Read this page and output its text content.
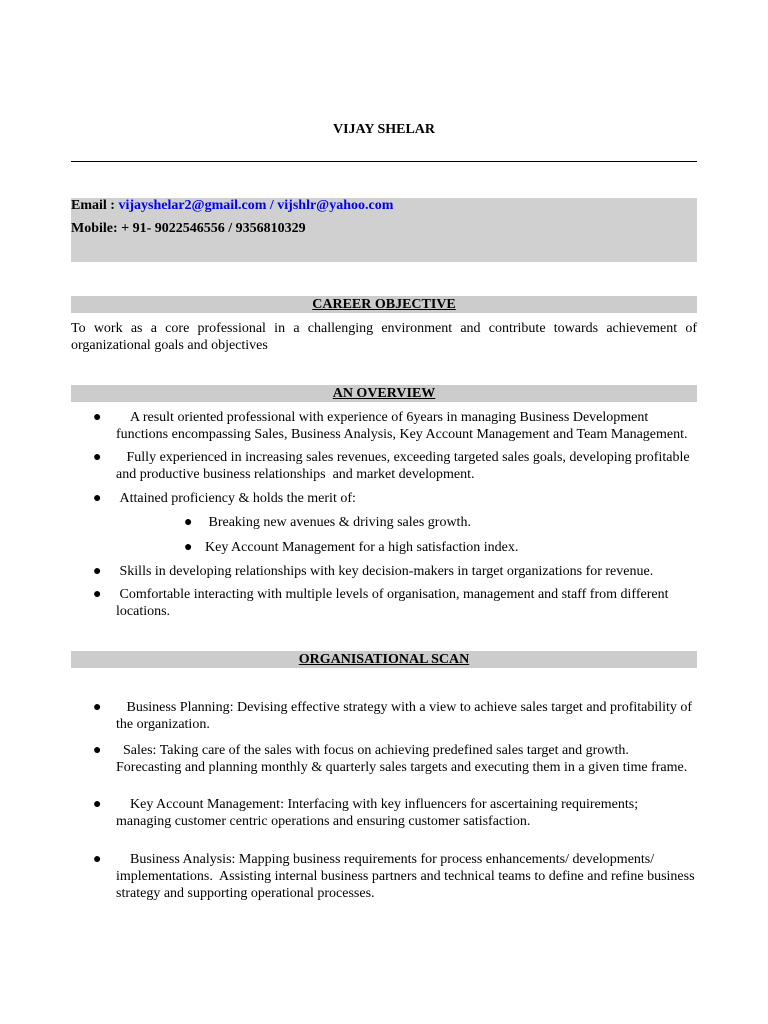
VIJAY SHELAR
Email : vijayshelar2@gmail.com / vijshlr@yahoo.com
Mobile: + 91- 9022546556 / 9356810329
CAREER OBJECTIVE
To work as a core professional in a challenging environment and contribute towards achievement of organizational goals and objectives
AN OVERVIEW
● A result oriented professional with experience of 6years in managing Business Development functions encompassing Sales, Business Analysis, Key Account Management and Team Management.
● Fully experienced in increasing sales revenues, exceeding targeted sales goals, developing profitable and productive business relationships  and market development.
● Attained proficiency & holds the merit of:
● Breaking new avenues & driving sales growth.
● Key Account Management for a high satisfaction index.
● Skills in developing relationships with key decision-makers in target organizations for revenue.
● Comfortable interacting with multiple levels of organisation, management and staff from different locations.
ORGANISATIONAL SCAN
● Business Planning: Devising effective strategy with a view to achieve sales target and profitability of the organization.
● Sales: Taking care of the sales with focus on achieving predefined sales target and growth. Forecasting and planning monthly & quarterly sales targets and executing them in a given time frame.
● Key Account Management: Interfacing with key influencers for ascertaining requirements; managing customer centric operations and ensuring customer satisfaction.
● Business Analysis: Mapping business requirements for process enhancements/ developments/ implementations.  Assisting internal business partners and technical teams to define and refine business strategy and supporting operational processes.
